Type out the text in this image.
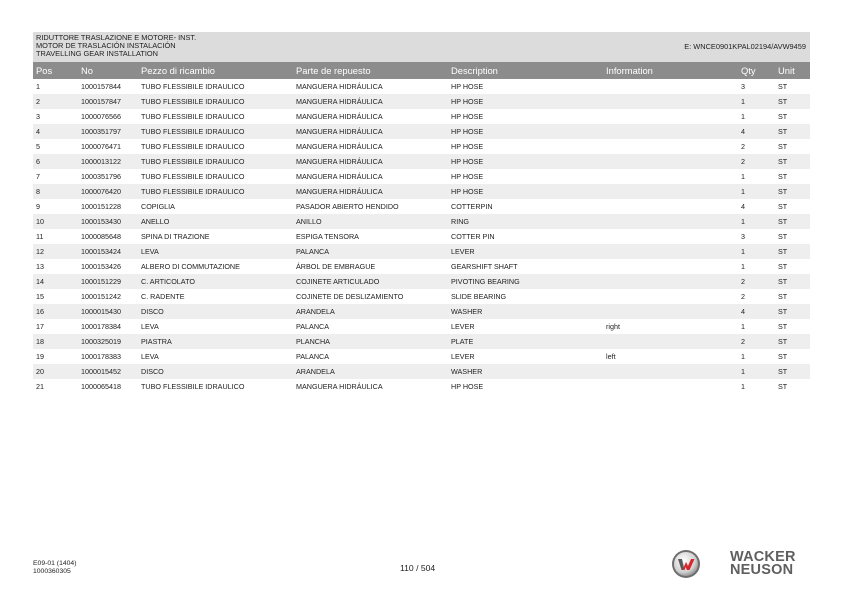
RIDUTTORE TRASLAZIONE E MOTORE- INST.
MOTOR DE TRASLACIÓN INSTALACIÓN
TRAVELLING GEAR INSTALLATION
E: WNCE0901KPAL02194/AVW9459
Pos	No	Pezzo di ricambio	Parte de repuesto	Description	Information	Qty	Unit
1	1000157844	TUBO FLESSIBILE IDRAULICO	MANGUERA HIDRÁULICA	HP HOSE		3	ST
2	1000157847	TUBO FLESSIBILE IDRAULICO	MANGUERA HIDRÁULICA	HP HOSE		1	ST
3	1000076566	TUBO FLESSIBILE IDRAULICO	MANGUERA HIDRÁULICA	HP HOSE		1	ST
4	1000351797	TUBO FLESSIBILE IDRAULICO	MANGUERA HIDRÁULICA	HP HOSE		4	ST
5	1000076471	TUBO FLESSIBILE IDRAULICO	MANGUERA HIDRÁULICA	HP HOSE		2	ST
6	1000013122	TUBO FLESSIBILE IDRAULICO	MANGUERA HIDRÁULICA	HP HOSE		2	ST
7	1000351796	TUBO FLESSIBILE IDRAULICO	MANGUERA HIDRÁULICA	HP HOSE		1	ST
8	1000076420	TUBO FLESSIBILE IDRAULICO	MANGUERA HIDRÁULICA	HP HOSE		1	ST
9	1000151228	COPIGLIA	PASADOR ABIERTO HENDIDO	COTTERPIN		4	ST
10	1000153430	ANELLO	ANILLO	RING		1	ST
11	1000085648	SPINA DI TRAZIONE	ESPIGA TENSORA	COTTER PIN		3	ST
12	1000153424	LEVA	PALANCA	LEVER		1	ST
13	1000153426	ALBERO DI COMMUTAZIONE	ÁRBOL DE EMBRAGUE	GEARSHIFT SHAFT		1	ST
14	1000151229	C. ARTICOLATO	COJINETE ARTICULADO	PIVOTING BEARING		2	ST
15	1000151242	C. RADENTE	COJINETE DE DESLIZAMIENTO	SLIDE BEARING		2	ST
16	1000015430	DISCO	ARANDELA	WASHER		4	ST
17	1000178384	LEVA	PALANCA	LEVER	right	1	ST
18	1000325019	PIASTRA	PLANCHA	PLATE		2	ST
19	1000178383	LEVA	PALANCA	LEVER	left	1	ST
20	1000015452	DISCO	ARANDELA	WASHER		1	ST
21	1000065418	TUBO FLESSIBILE IDRAULICO	MANGUERA HIDRÁULICA	HP HOSE		1	ST
E09-01 (1404)
1000360305	110 / 504
WACKER
NEUSON
